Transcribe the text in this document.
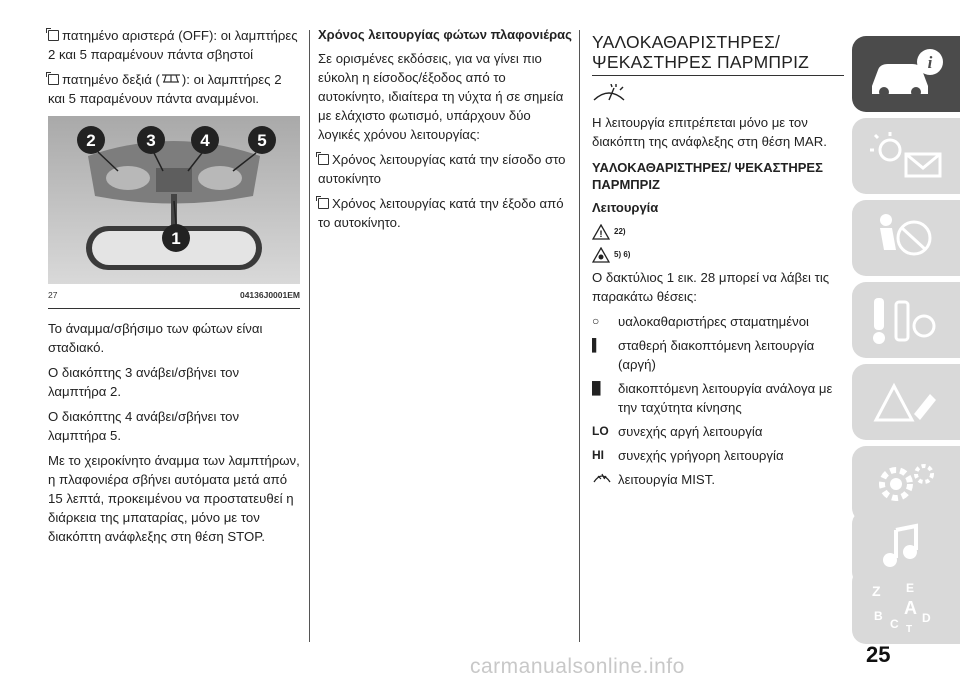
πατημένο αριστερά (OFF): οι λαμπτήρες 2 και 5 παραμένουν πάντα σβηστοί

πατημένο δεξιά ( ): οι λαμπτήρες 2 και 5 παραμένουν πάντα αναμμένοι.

2	3	4	5
1
27	04136J0001EM

Το άναμμα/σβήσιμο των φώτων είναι σταδιακό.

Ο διακόπτης 3 ανάβει/σβήνει τον λαμπτήρα 2.

Ο διακόπτης 4 ανάβει/σβήνει τον λαμπτήρα 5.

Με το χειροκίνητο άναμμα των λαμπτήρων, η πλαφονιέρα σβήνει αυτόματα μετά από 15 λεπτά, προκειμένου να προστατευθεί η διάρκεια της μπαταρίας, μόνο με τον διακόπτη ανάφλεξης στη θέση STOP.

Χρόνος λειτουργίας φώτων πλαφονιέρας

Σε ορισμένες εκδόσεις, για να γίνει πιο εύκολη η είσοδος/έξοδος από το αυτοκίνητο, ιδιαίτερα τη νύχτα ή σε σημεία με ελάχιστο φωτισμό, υπάρχουν δύο λογικές χρόνου λειτουργίας:

Χρόνος λειτουργίας κατά την είσοδο στο αυτοκίνητο

Χρόνος λειτουργίας κατά την έξοδο από το αυτοκίνητο.

ΥΑΛΟΚΑΘΑΡΙΣΤΗΡΕΣ/ ΨΕΚΑΣΤΗΡΕΣ ΠΑΡΜΠΡΙΖ

Η λειτουργία επιτρέπεται μόνο με τον διακόπτη της ανάφλεξης στη θέση MAR.

ΥΑΛΟΚΑΘΑΡΙΣΤΗΡΕΣ/ ΨΕΚΑΣΤΗΡΕΣ ΠΑΡΜΠΡΙΖ

Λειτουργία

! 22)
5) 6)

Ο δακτύλιος 1 εικ. 28 μπορεί να λάβει τις παρακάτω θέσεις:

○	υαλοκαθαριστήρες σταματημένοι
▌	σταθερή διακοπτόμενη λειτουργία (αργή)
█	διακοπτόμενη λειτουργία ανάλογα με την ταχύτητα κίνησης
LO συνεχής αργή λειτουργία
HI	συνεχής γρήγορη λειτουργία
λειτουργία MIST.
i
Z E
B A
C D
T
25
carmanualsonline.info
